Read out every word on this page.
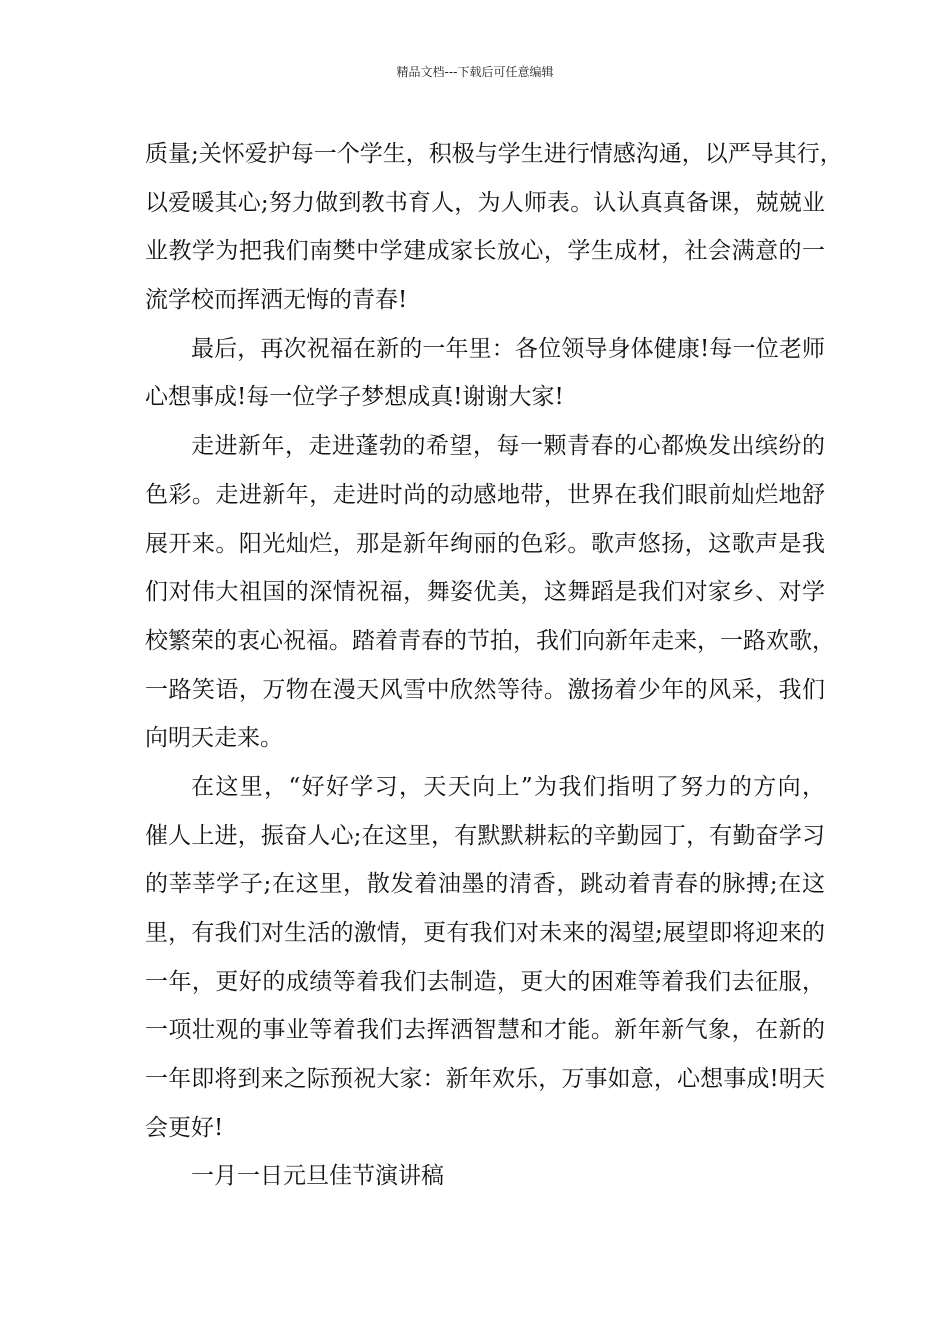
精品文档---下载后可任意编辑
质量;关怀爱护每一个学生，积极与学生进行情感沟通，以严导其行，
以爱暖其心;努力做到教书育人，为人师表。认认真真备课，兢兢业
业教学为把我们南樊中学建成家长放心，学生成材，社会满意的一
流学校而挥洒无悔的青春!
最后，再次祝福在新的一年里：各位领导身体健康!每一位老师
心想事成!每一位学子梦想成真!谢谢大家!
走进新年，走进蓬勃的希望，每一颗青春的心都焕发出缤纷的
色彩。走进新年，走进时尚的动感地带，世界在我们眼前灿烂地舒
展开来。阳光灿烂，那是新年绚丽的色彩。歌声悠扬，这歌声是我
们对伟大祖国的深情祝福，舞姿优美，这舞蹈是我们对家乡、对学
校繁荣的衷心祝福。踏着青春的节拍，我们向新年走来，一路欢歌，
一路笑语，万物在漫天风雪中欣然等待。激扬着少年的风采，我们
向明天走来。
在这里，“好好学习，天天向上”为我们指明了努力的方向，
催人上进，振奋人心;在这里，有默默耕耘的辛勤园丁，有勤奋学习
的莘莘学子;在这里，散发着油墨的清香，跳动着青春的脉搏;在这
里，有我们对生活的激情，更有我们对未来的渴望;展望即将迎来的
一年，更好的成绩等着我们去制造，更大的困难等着我们去征服，
一项壮观的事业等着我们去挥洒智慧和才能。新年新气象，在新的
一年即将到来之际预祝大家：新年欢乐，万事如意，心想事成!明天
会更好!
一月一日元旦佳节演讲稿
